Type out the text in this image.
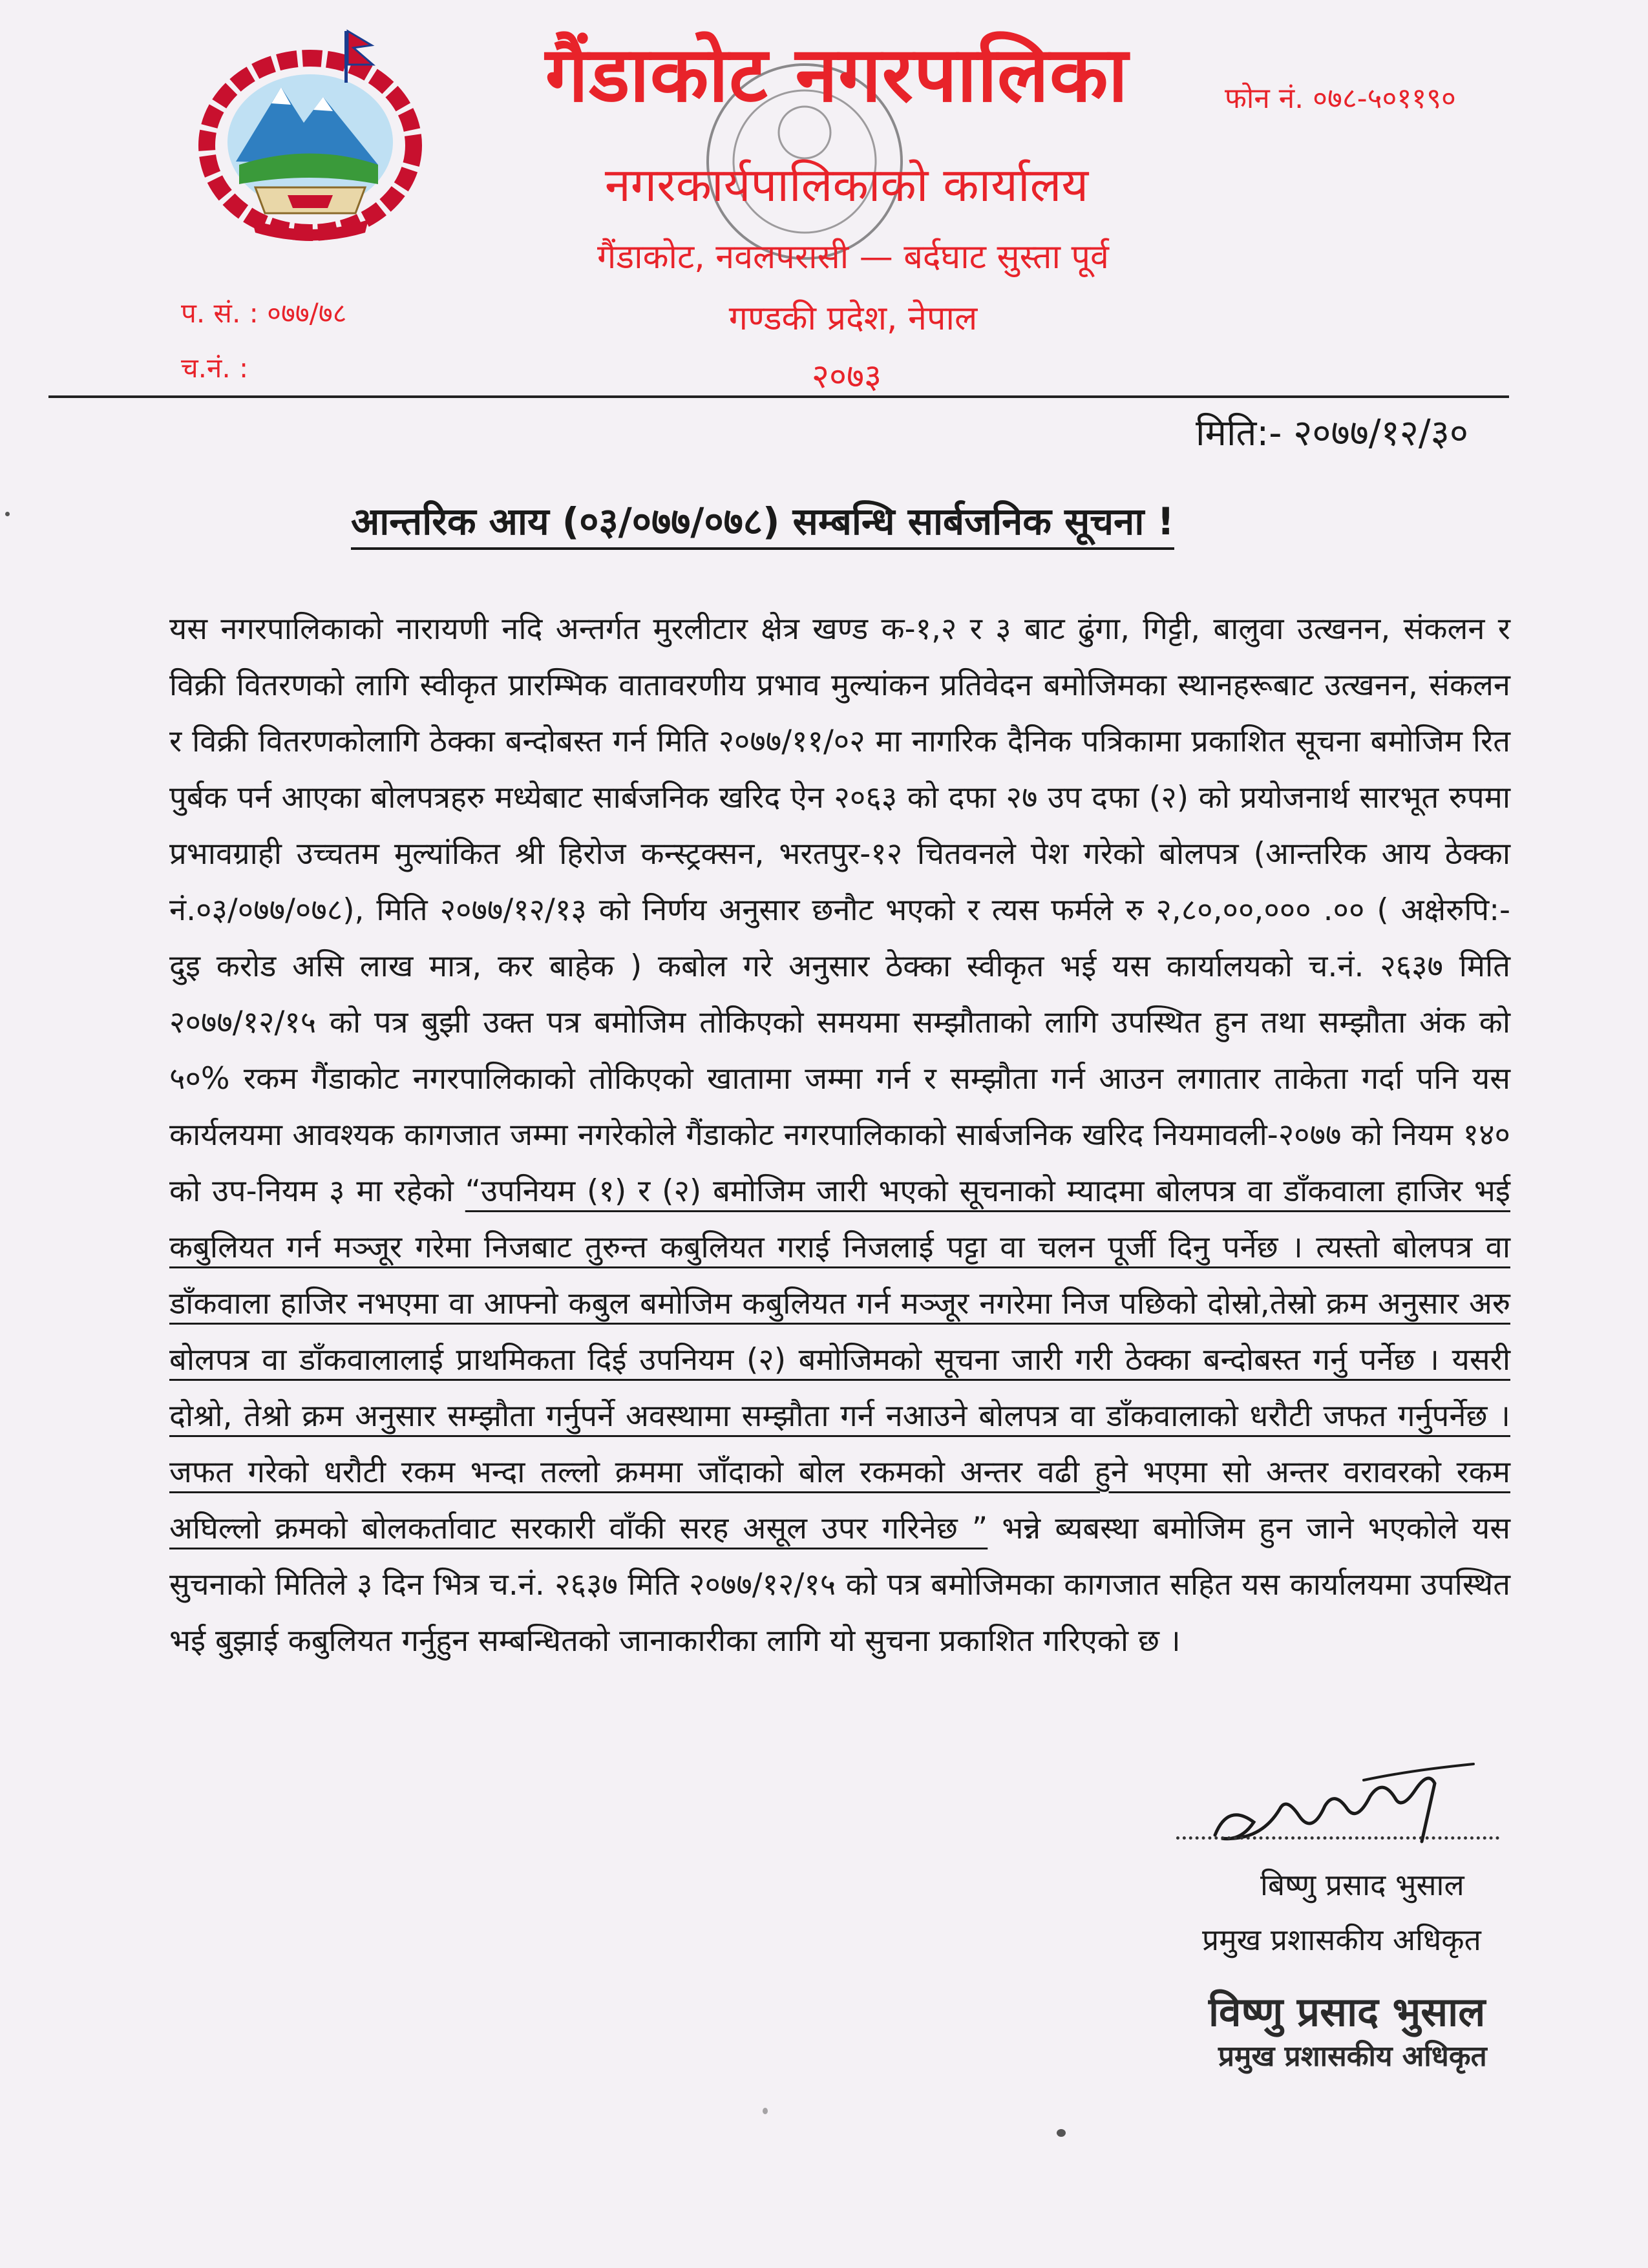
गैंडाकोट नगरपालिका	फोन नं. ०७८-५०११९०
नगरकार्यपालिकाको कार्यालय
गैंडाकोट, नवलपरासी — बर्दघाट सुस्ता पूर्व
गण्डकी प्रदेश, नेपाल
२०७३
प. सं. : ०७७/७८
च.नं. :
मिति:- २०७७/१२/३०
आन्तरिक आय (०३/०७७/०७८) सम्बन्धि सार्बजनिक सूचना !
यस नगरपालिकाको नारायणी नदि अन्तर्गत मुरलीटार क्षेत्र खण्ड क-१,२ र ३ बाट ढुंगा, गिट्टी, बालुवा उत्खनन, संकलन र विक्री वितरणको लागि स्वीकृत प्रारम्भिक वातावरणीय प्रभाव मुल्यांकन प्रतिवेदन बमोजिमका स्थानहरूबाट उत्खनन, संकलन र विक्री वितरणकोलागि ठेक्का बन्दोबस्त गर्न मिति २०७७/११/०२ मा नागरिक दैनिक पत्रिकामा प्रकाशित सूचना बमोजिम रित पुर्बक पर्न आएका बोलपत्रहरु मध्येबाट सार्बजनिक खरिद ऐन २०६३ को दफा २७ उप दफा (२) को प्रयोजनार्थ सारभूत रुपमा प्रभावग्राही उच्चतम मुल्यांकित श्री हिरोज कन्स्ट्रक्सन, भरतपुर-१२ चितवनले पेश गरेको बोलपत्र (आन्तरिक आय ठेक्का नं.०३/०७७/०७८), मिति २०७७/१२/१३ को निर्णय अनुसार छनौट भएको र त्यस फर्मले रु २,८०,००,००० .०० ( अक्षेरुपि:- दुइ करोड असि लाख मात्र, कर बाहेक ) कबोल गरे अनुसार ठेक्का स्वीकृत भई यस कार्यालयको च.नं. २६३७ मिति २०७७/१२/१५ को पत्र बुझी उक्त पत्र बमोजिम तोकिएको समयमा सम्झौताको लागि उपस्थित हुन तथा सम्झौता अंक को ५०% रकम गैंडाकोट नगरपालिकाको तोकिएको खातामा जम्मा गर्न र सम्झौता गर्न आउन लगातार ताकेता गर्दा पनि यस कार्यलयमा आवश्यक कागजात जम्मा नगरेकोले गैंडाकोट नगरपालिकाको सार्बजनिक खरिद नियमावली-२०७७ को नियम १४० को उप-नियम ३ मा रहेको “उपनियम (१) र (२) बमोजिम जारी भएको सूचनाको म्यादमा बोलपत्र वा डाँकवाला हाजिर भई कबुलियत गर्न मञ्जूर गरेमा निजबाट तुरुन्त कबुलियत गराई निजलाई पट्टा वा चलन पूर्जी दिनु पर्नेछ । त्यस्तो बोलपत्र वा डाँकवाला हाजिर नभएमा वा आफ्नो कबुल बमोजिम कबुलियत गर्न मञ्जूर नगरेमा निज पछिको दोस्रो,तेस्रो क्रम अनुसार अरु बोलपत्र वा डाँकवालालाई प्राथमिकता दिई उपनियम (२) बमोजिमको सूचना जारी गरी ठेक्का बन्दोबस्त गर्नु पर्नेछ । यसरी दोश्रो, तेश्रो क्रम अनुसार सम्झौता गर्नुपर्ने अवस्थामा सम्झौता गर्न नआउने बोलपत्र वा डाँकवालाको धरौटी जफत गर्नुपर्नेछ । जफत गरेको धरौटी रकम भन्दा तल्लो क्रममा जाँदाको बोल रकमको अन्तर वढी हुने भएमा सो अन्तर वरावरको रकम अघिल्लो क्रमको बोलकर्तावाट सरकारी वाँकी सरह असूल उपर गरिनेछ ” भन्ने ब्यबस्था बमोजिम हुन जाने भएकोले यस सुचनाको मितिले ३ दिन भित्र च.नं. २६३७ मिति २०७७/१२/१५ को पत्र बमोजिमका कागजात सहित यस कार्यालयमा उपस्थित भई बुझाई कबुलियत गर्नुहुन सम्बन्धितको जानाकारीका लागि यो सुचना प्रकाशित गरिएको छ ।
बिष्णु प्रसाद भुसाल
प्रमुख प्रशासकीय अधिकृत
विष्णु प्रसाद भुसाल
प्रमुख प्रशासकीय अधिकृत
